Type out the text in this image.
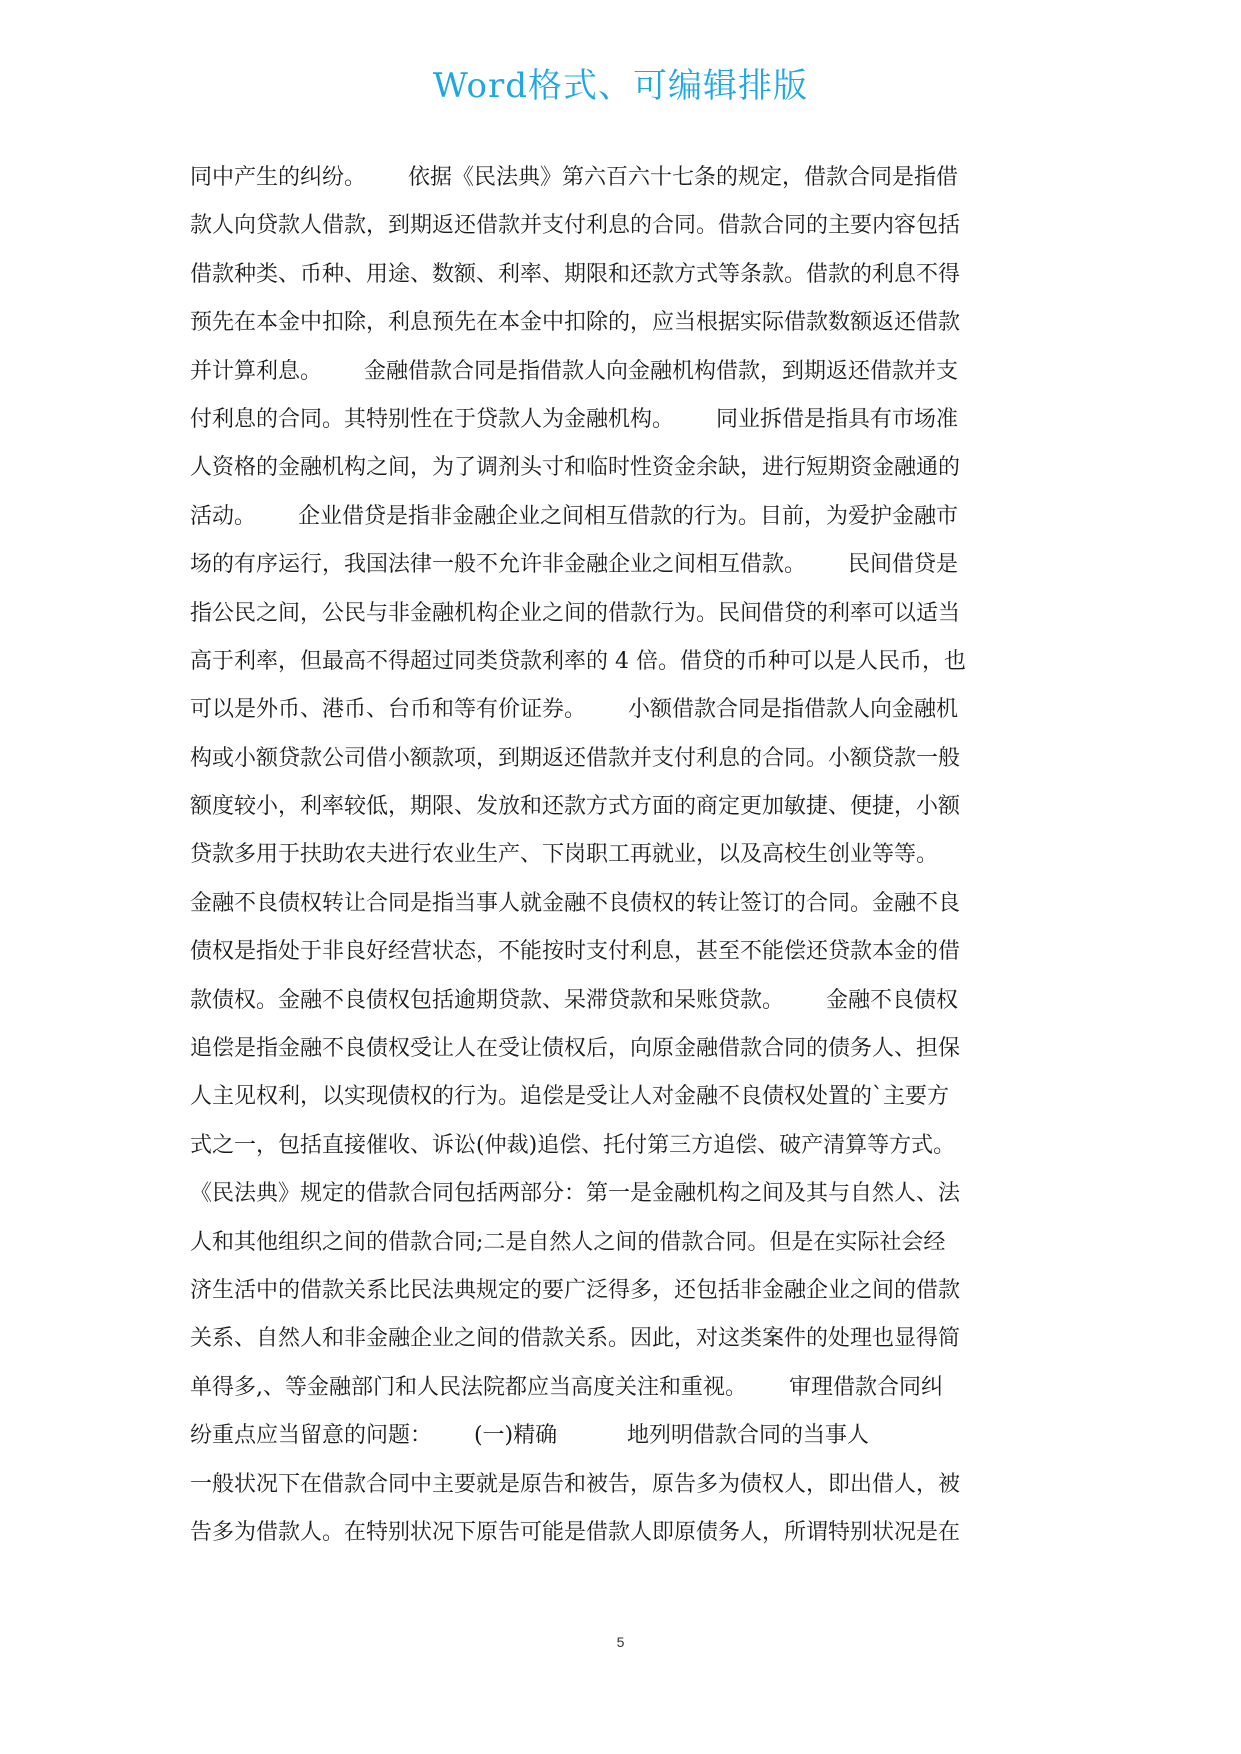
Word格式、可编辑排版
同中产生的纠纷。      依据《民法典》第六百六十七条的规定，借款合同是指借
款人向贷款人借款，到期返还借款并支付利息的合同。借款合同的主要内容包括
借款种类、币种、用途、数额、利率、期限和还款方式等条款。借款的利息不得
预先在本金中扣除，利息预先在本金中扣除的，应当根据实际借款数额返还借款
并计算利息。      金融借款合同是指借款人向金融机构借款，到期返还借款并支
付利息的合同。其特别性在于贷款人为金融机构。      同业拆借是指具有市场准
人资格的金融机构之间，为了调剂头寸和临时性资金余缺，进行短期资金融通的
活动。      企业借贷是指非金融企业之间相互借款的行为。目前，为爱护金融市
场的有序运行，我国法律一般不允许非金融企业之间相互借款。      民间借贷是
指公民之间，公民与非金融机构企业之间的借款行为。民间借贷的利率可以适当
高于利率，但最高不得超过同类贷款利率的 4 倍。借贷的币种可以是人民币，也
可以是外币、港币、台币和等有价证券。      小额借款合同是指借款人向金融机
构或小额贷款公司借小额款项，到期返还借款并支付利息的合同。小额贷款一般
额度较小，利率较低，期限、发放和还款方式方面的商定更加敏捷、便捷，小额
贷款多用于扶助农夫进行农业生产、下岗职工再就业，以及高校生创业等等。
金融不良债权转让合同是指当事人就金融不良债权的转让签订的合同。金融不良
债权是指处于非良好经营状态，不能按时支付利息，甚至不能偿还贷款本金的借
款债权。金融不良债权包括逾期贷款、呆滞贷款和呆账贷款。      金融不良债权
追偿是指金融不良债权受让人在受让债权后，向原金融借款合同的债务人、担保
人主见权利，以实现债权的行为。追偿是受让人对金融不良债权处置的`主要方
式之一，包括直接催收、诉讼(仲裁)追偿、托付第三方追偿、破产清算等方式。
《民法典》规定的借款合同包括两部分：第一是金融机构之间及其与自然人、法
人和其他组织之间的借款合同;二是自然人之间的借款合同。但是在实际社会经
济生活中的借款关系比民法典规定的要广泛得多，还包括非金融企业之间的借款
关系、自然人和非金融企业之间的借款关系。因此，对这类案件的处理也显得简
单得多,、等金融部门和人民法院都应当高度关注和重视。      审理借款合同纠
纷重点应当留意的问题：      (一)精确          地列明借款合同的当事人
一般状况下在借款合同中主要就是原告和被告，原告多为债权人，即出借人，被
告多为借款人。在特别状况下原告可能是借款人即原债务人，所谓特别状况是在
5
